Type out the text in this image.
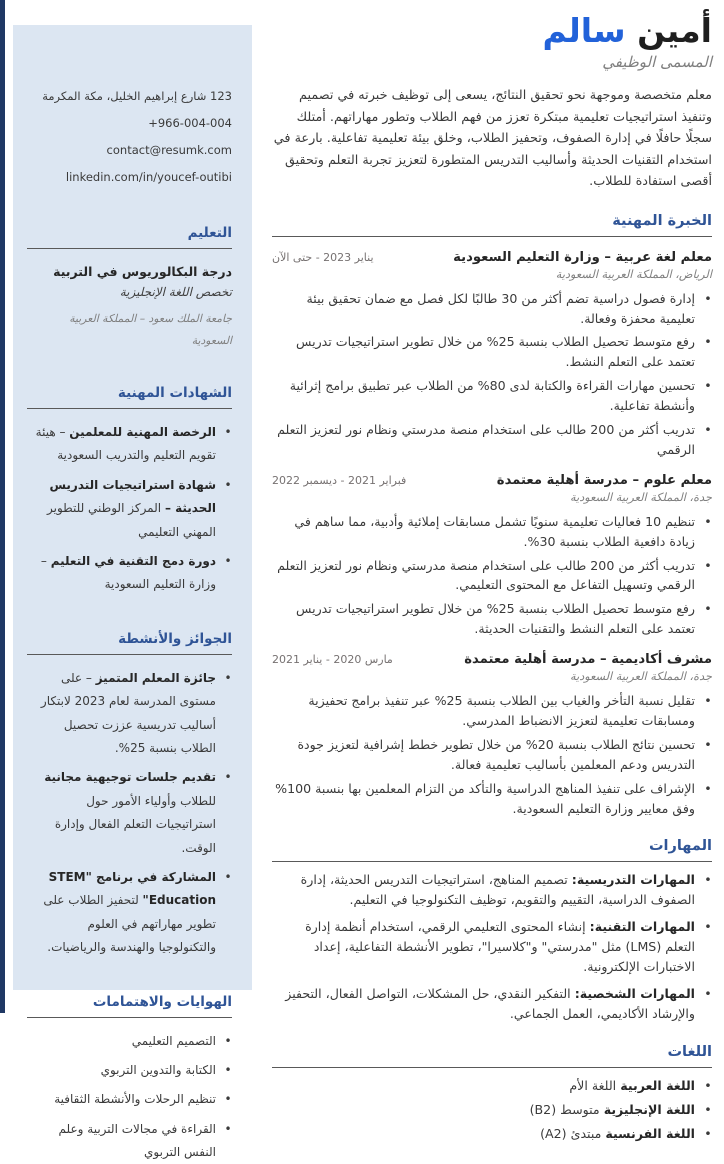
123 شارع إبراهيم الخليل، مكة المكرمة
+966-004-004
contact@resumk.com
linkedin.com/in/youcef-outibi
التعليم
درجة البكالوريوس في التربية
تخصص اللغة الإنجليزية
جامعة الملك سعود – المملكة العربية السعودية
الشهادات المهنية
•
الرخصة المهنية للمعلمين – هيئة تقويم التعليم والتدريب السعودية
•
شهادة استراتيجيات التدريس الحديثة – المركز الوطني للتطوير المهني التعليمي
•
دورة دمج التقنية في التعليم – وزارة التعليم السعودية
الجوائز والأنشطة
•
جائزة المعلم المتميز – على مستوى المدرسة لعام 2023 لابتكار أساليب تدريسية عززت تحصيل الطلاب بنسبة 25%.
•
تقديم جلسات توجيهية مجانية للطلاب وأولياء الأمور حول استراتيجيات التعلم الفعال وإدارة الوقت.
•
المشاركة في برنامج "STEM Education" لتحفيز الطلاب على تطوير مهاراتهم في العلوم والتكنولوجيا والهندسة والرياضيات.
الهوايات والاهتمامات
•
التصميم التعليمي
•
الكتابة والتدوين التربوي
•
تنظيم الرحلات والأنشطة الثقافية
•
القراءة في مجالات التربية وعلم النفس التربوي
أمين سالم
المسمى الوظيفي

معلم متخصصة وموجهة نحو تحقيق النتائج، يسعى إلى توظيف خبرته في تصميم وتنفيذ استراتيجيات تعليمية مبتكرة تعزز من فهم الطلاب وتطور مهاراتهم. أمتلك سجلًا حافلًا في إدارة الصفوف، وتحفيز الطلاب، وخلق بيئة تعليمية تفاعلية. بارعة في استخدام التقنيات الحديثة وأساليب التدريس المتطورة لتعزيز تجربة التعلم وتحقيق أقصى استفادة للطلاب.

الخبرة المهنية
معلم لغة عربية – وزارة التعليم السعودية
يناير 2023 - حتى الآن
الرياض، المملكة العربية السعودية
•
إدارة فصول دراسية تضم أكثر من 30 طالبًا لكل فصل مع ضمان تحقيق بيئة تعليمية محفزة وفعالة.
•
رفع متوسط تحصيل الطلاب بنسبة 25% من خلال تطوير استراتيجيات تدريس تعتمد على التعلم النشط.
•
تحسين مهارات القراءة والكتابة لدى 80% من الطلاب عبر تطبيق برامج إثرائية وأنشطة تفاعلية.
•
تدريب أكثر من 200 طالب على استخدام منصة مدرستي ونظام نور لتعزيز التعلم الرقمي
معلم علوم – مدرسة أهلية معتمدة
فبراير 2021 - ديسمبر 2022
جدة، المملكة العربية السعودية
•
تنظيم 10 فعاليات تعليمية سنويًا تشمل مسابقات إملائية وأدبية، مما ساهم في زيادة دافعية الطلاب بنسبة 30%.
•
تدريب أكثر من 200 طالب على استخدام منصة مدرستي ونظام نور لتعزيز التعلم الرقمي وتسهيل التفاعل مع المحتوى التعليمي.
•
رفع متوسط تحصيل الطلاب بنسبة 25% من خلال تطوير استراتيجيات تدريس تعتمد على التعلم النشط والتقنيات الحديثة.
مشرف أكاديمية – مدرسة أهلية معتمدة
مارس 2020 - يناير 2021
جدة، المملكة العربية السعودية
•
تقليل نسبة التأخر والغياب بين الطلاب بنسبة 25% عبر تنفيذ برامج تحفيزية ومسابقات تعليمية لتعزيز الانضباط المدرسي.
•
تحسين نتائج الطلاب بنسبة 20% من خلال تطوير خطط إشرافية لتعزيز جودة التدريس ودعم المعلمين بأساليب تعليمية فعالة.
•
الإشراف على تنفيذ المناهج الدراسية والتأكد من التزام المعلمين بها بنسبة 100% وفق معايير وزارة التعليم السعودية.
المهارات
•
المهارات التدريسية: تصميم المناهج، استراتيجيات التدريس الحديثة، إدارة الصفوف الدراسية، التقييم والتقويم، توظيف التكنولوجيا في التعليم.
•
المهارات التقنية: إنشاء المحتوى التعليمي الرقمي، استخدام أنظمة إدارة التعلم (LMS) مثل "مدرستي" و"كلاسيرا"، تطوير الأنشطة التفاعلية، إعداد الاختبارات الإلكترونية.
•
المهارات الشخصية: التفكير النقدي، حل المشكلات، التواصل الفعال، التحفيز والإرشاد الأكاديمي، العمل الجماعي.
اللغات
•
اللغة العربية اللغة الأم
•
اللغة الإنجليزية متوسط (B2)
•
اللغة الفرنسية مبتدئ (A2)
